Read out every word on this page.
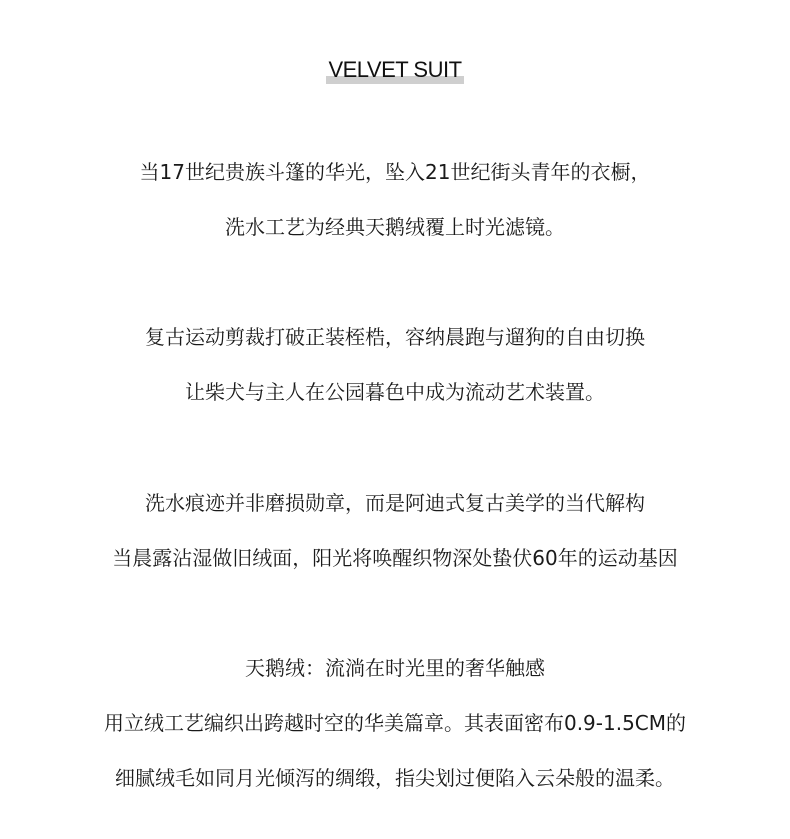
VELVET SUIT
当17世纪贵族斗篷的华光，坠入21世纪街头青年的衣橱，
洗水工艺为经典天鹅绒覆上时光滤镜。
复古运动剪裁打破正装桎梏，容纳晨跑与遛狗的自由切换
让柴犬与主人在公园暮色中成为流动艺术装置。
洗水痕迹并非磨损勋章，而是阿迪式复古美学的当代解构
当晨露沾湿做旧绒面，阳光将唤醒织物深处蛰伏60年的运动基因
天鹅绒：流淌在时光里的奢华触感
用立绒工艺编织出跨越时空的华美篇章。其表面密布0.9-1.5CM的
细腻绒毛如同月光倾泻的绸缎，指尖划过便陷入云朵般的温柔。
